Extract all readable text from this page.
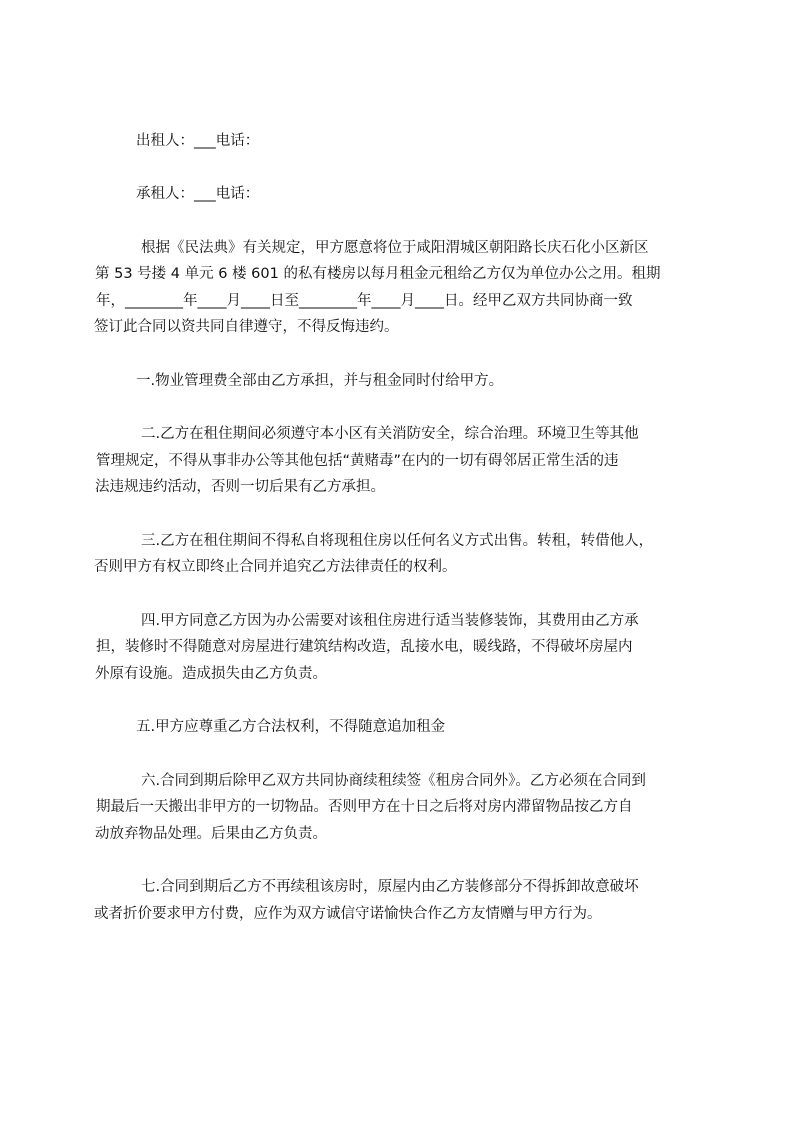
出租人：___电话：
承租人：___电话：
根据《民法典》有关规定，甲方愿意将位于咸阳渭城区朝阳路长庆石化小区新区
第 53 号搂 4 单元 6 楼 601 的私有楼房以每月租金元租给乙方仅为单位办公之用。租期
年，________年____月____日至________年____月____日。经甲乙双方共同协商一致
签订此合同以资共同自律遵守，不得反悔违约。
一.物业管理费全部由乙方承担，并与租金同时付给甲方。
二.乙方在租住期间必须遵守本小区有关消防安全，综合治理。环境卫生等其他
管理规定，不得从事非办公等其他包括“黄赌毒”在内的一切有碍邻居正常生活的违
法违规违约活动，否则一切后果有乙方承担。
三.乙方在租住期间不得私自将现租住房以任何名义方式出售。转租，转借他人，
否则甲方有权立即终止合同并追究乙方法律责任的权利。
四.甲方同意乙方因为办公需要对该租住房进行适当装修装饰，其费用由乙方承
担，装修时不得随意对房屋进行建筑结构改造，乱接水电，暖线路，不得破坏房屋内
外原有设施。造成损失由乙方负责。
五.甲方应尊重乙方合法权利，不得随意追加租金
六.合同到期后除甲乙双方共同协商续租续签《租房合同外》。乙方必须在合同到
期最后一天搬出非甲方的一切物品。否则甲方在十日之后将对房内滞留物品按乙方自
动放弃物品处理。后果由乙方负责。
七.合同到期后乙方不再续租该房时，原屋内由乙方装修部分不得拆卸故意破坏
或者折价要求甲方付费，应作为双方诚信守诺愉快合作乙方友情赠与甲方行为。
